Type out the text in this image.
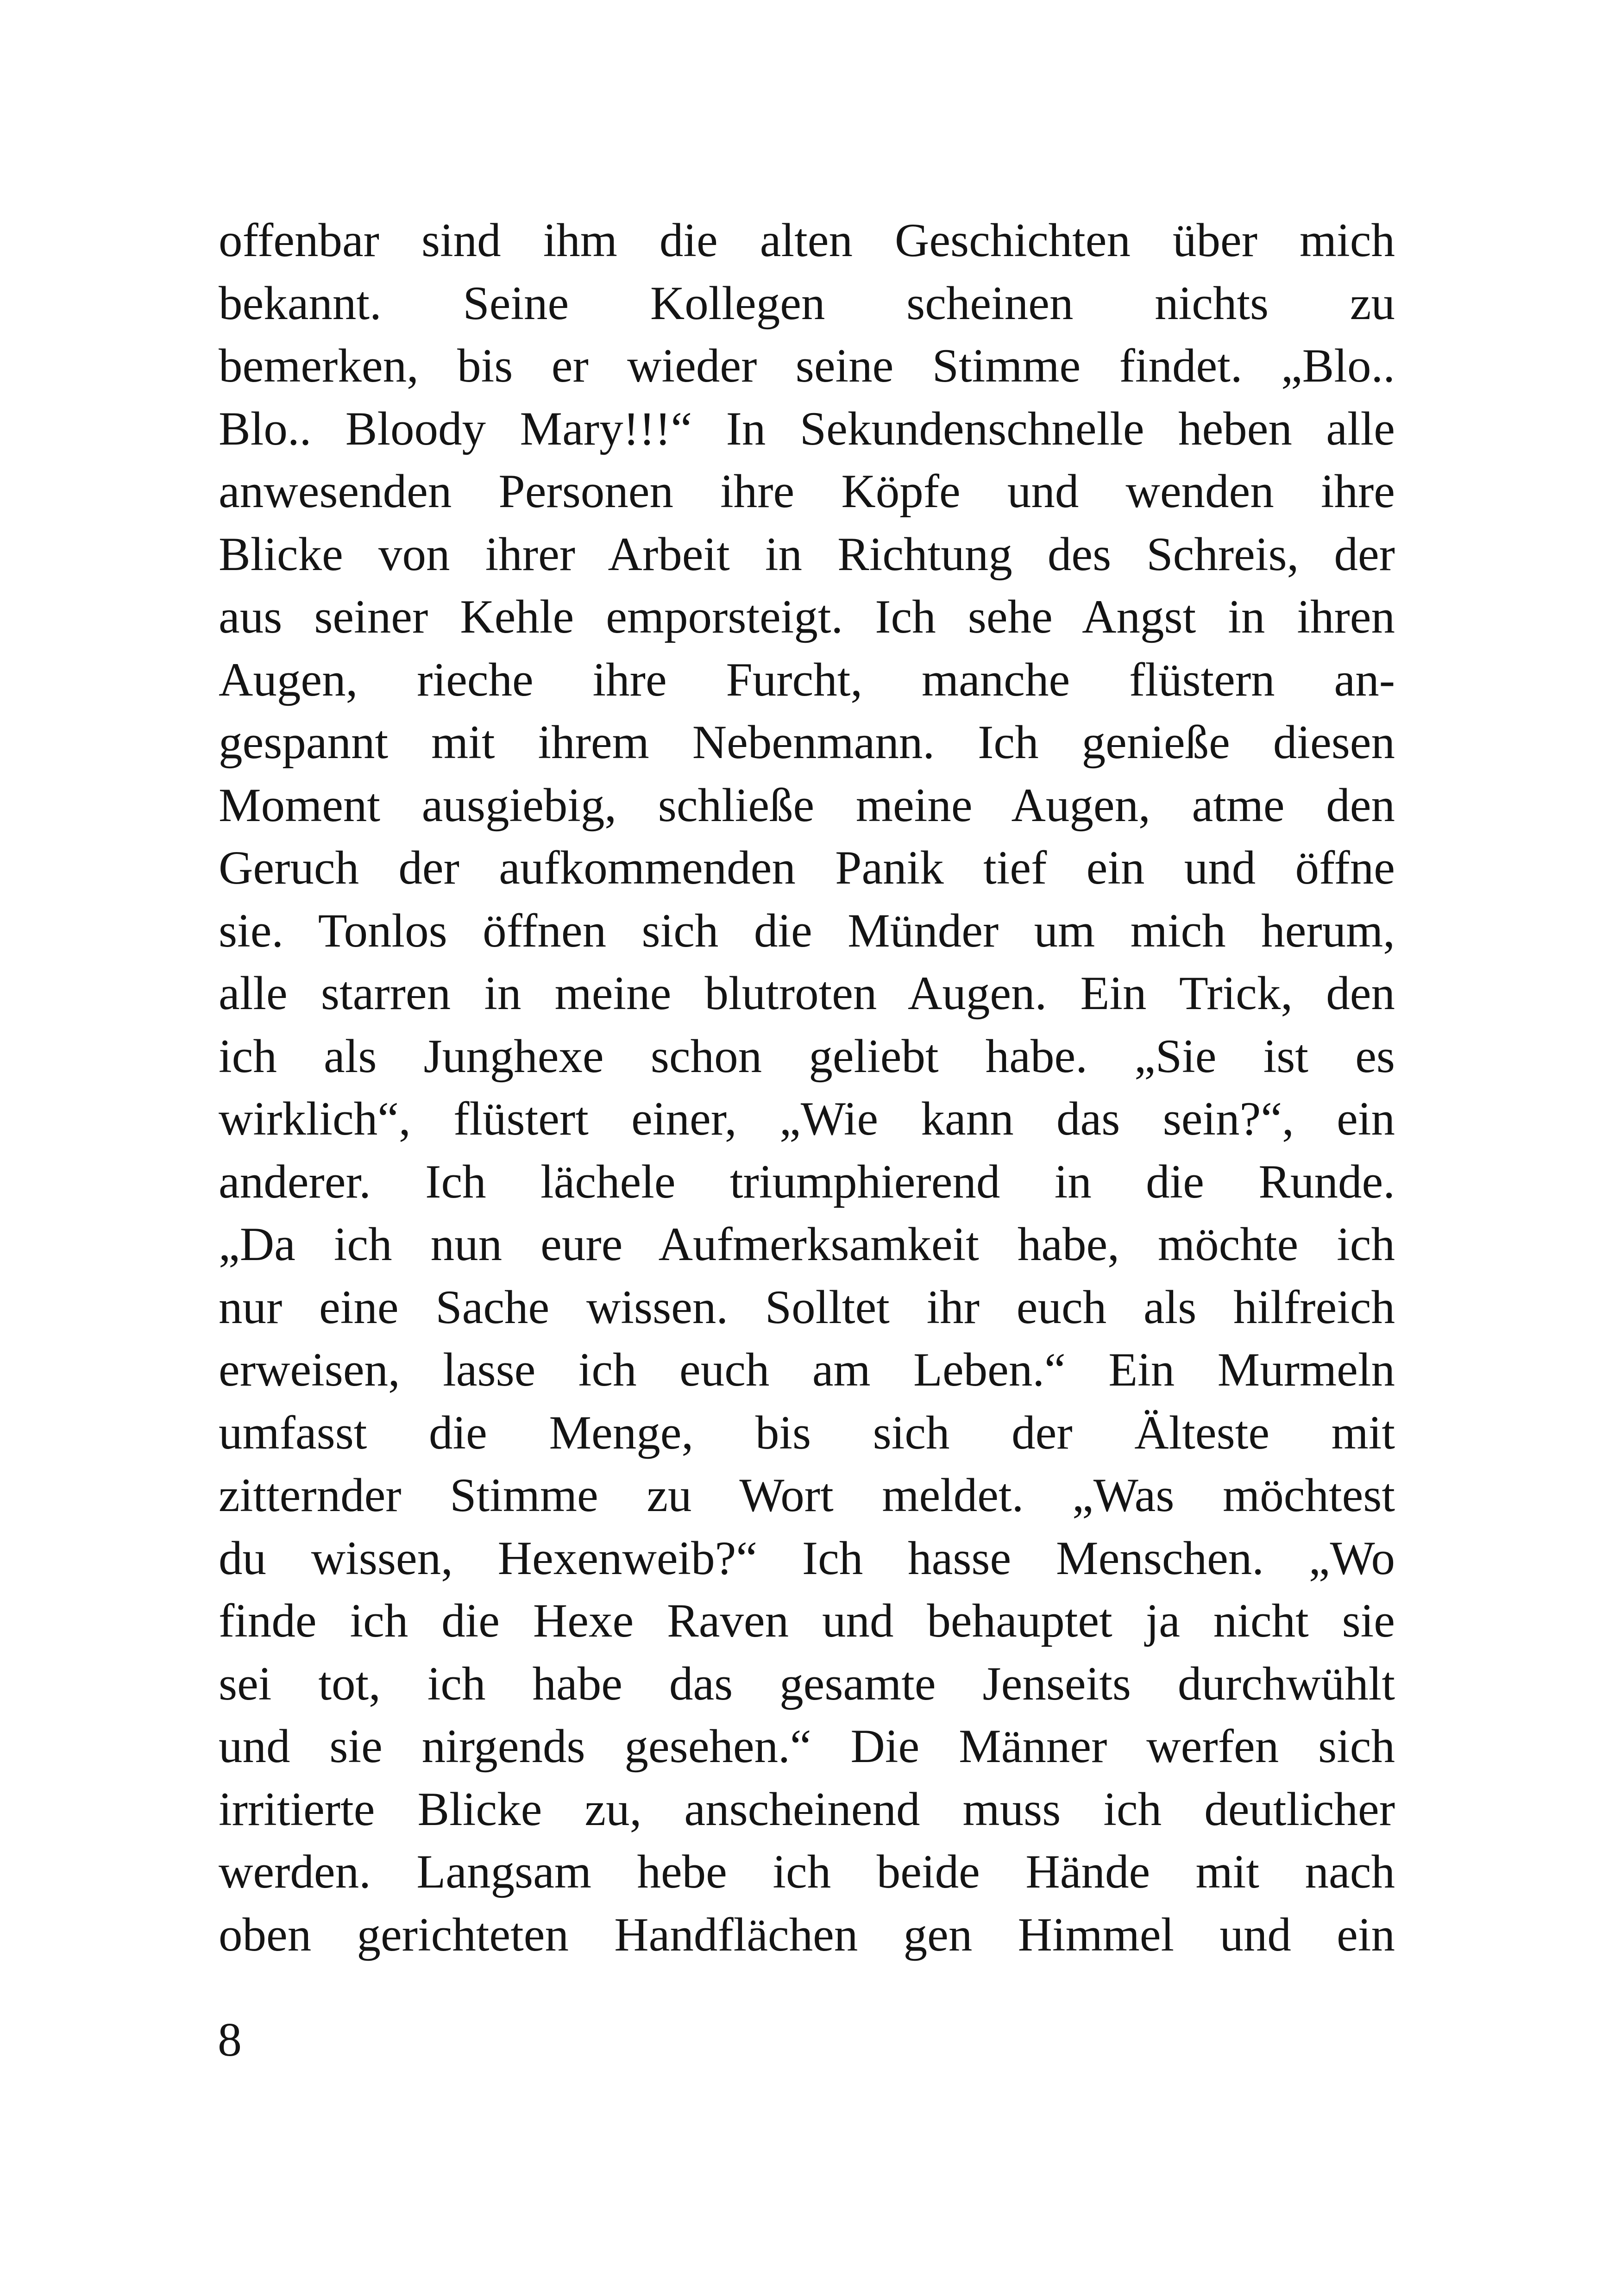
offenbar sind ihm die alten Geschichten über mich
bekannt. Seine Kollegen scheinen nichts zu
bemerken, bis er wieder seine Stimme findet. „Blo..
Blo.. Bloody Mary!!!“ In Sekundenschnelle heben alle
anwesenden Personen ihre Köpfe und wenden ihre
Blicke von ihrer Arbeit in Richtung des Schreis, der
aus seiner Kehle emporsteigt. Ich sehe Angst in ihren
Augen, rieche ihre Furcht, manche flüstern an-
gespannt mit ihrem Nebenmann. Ich genieße diesen
Moment ausgiebig, schließe meine Augen, atme den
Geruch der aufkommenden Panik tief ein und öffne
sie. Tonlos öffnen sich die Münder um mich herum,
alle starren in meine blutroten Augen. Ein Trick, den
ich als Junghexe schon geliebt habe. „Sie ist es
wirklich“, flüstert einer, „Wie kann das sein?“, ein
anderer. Ich lächele triumphierend in die Runde.
„Da ich nun eure Aufmerksamkeit habe, möchte ich
nur eine Sache wissen. Solltet ihr euch als hilfreich
erweisen, lasse ich euch am Leben.“ Ein Murmeln
umfasst die Menge, bis sich der Älteste mit
zitternder Stimme zu Wort meldet. „Was möchtest
du wissen, Hexenweib?“ Ich hasse Menschen. „Wo
finde ich die Hexe Raven und behauptet ja nicht sie
sei tot, ich habe das gesamte Jenseits durchwühlt
und sie nirgends gesehen.“ Die Männer werfen sich
irritierte Blicke zu, anscheinend muss ich deutlicher
werden. Langsam hebe ich beide Hände mit nach
oben gerichteten Handflächen gen Himmel und ein
8
